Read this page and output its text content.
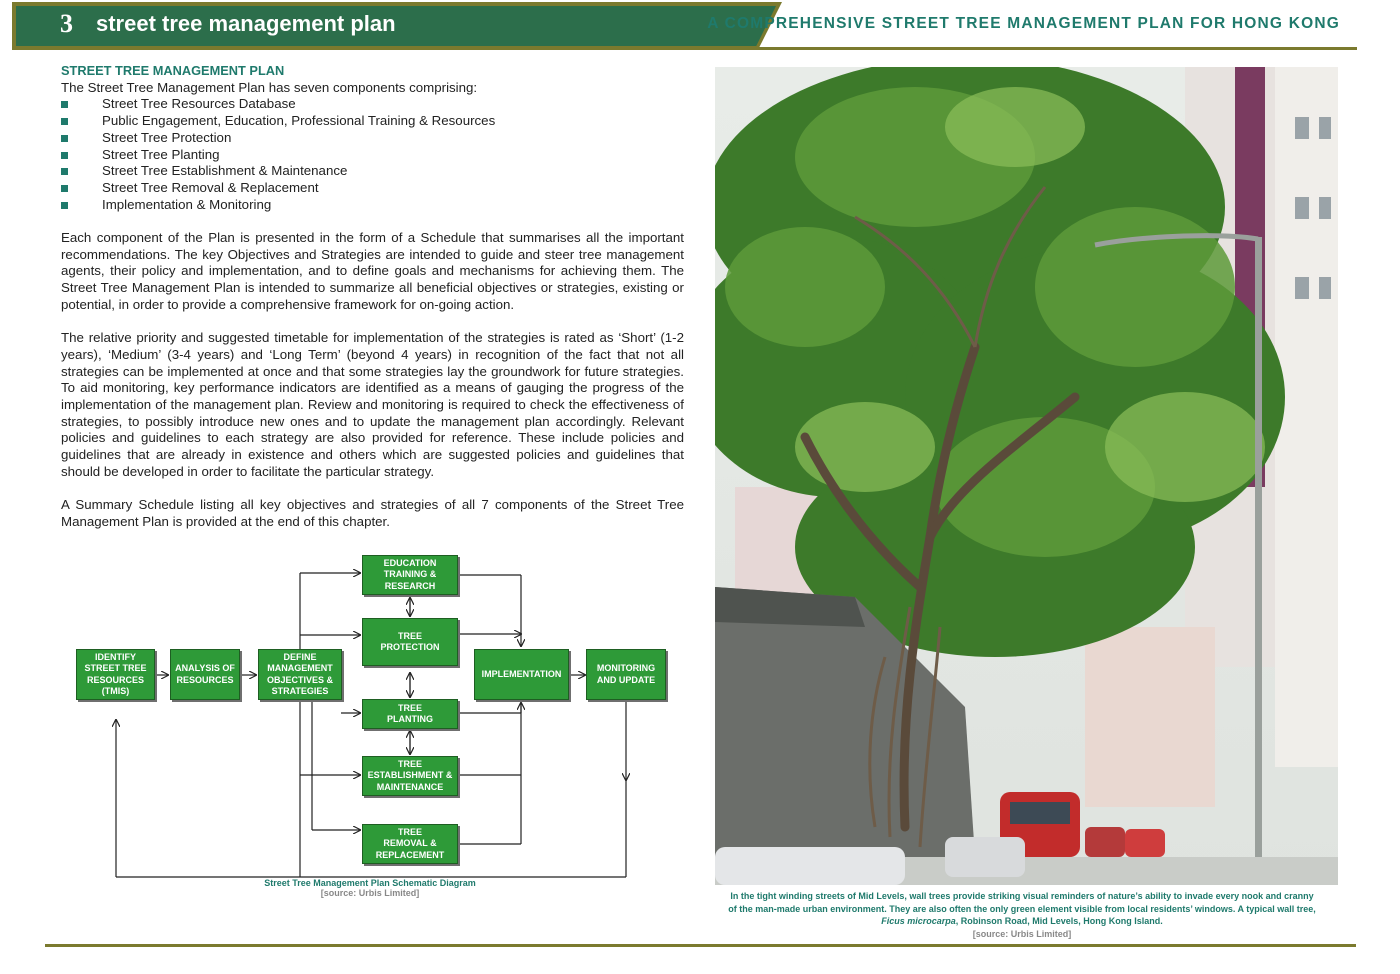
3 street tree management plan	A COMPREHENSIVE STREET TREE MANAGEMENT PLAN FOR HONG KONG
STREET TREE MANAGEMENT PLAN
The Street Tree Management Plan has seven components comprising:
Street Tree Resources Database
Public Engagement, Education, Professional Training & Resources
Street Tree Protection
Street Tree Planting
Street Tree Establishment & Maintenance
Street Tree Removal & Replacement
Implementation & Monitoring

Each component of the Plan is presented in the form of a Schedule that summarises all the important recommendations. The key Objectives and Strategies are intended to guide and steer tree management agents, their policy and implementation, and to define goals and mechanisms for achieving them. The Street Tree Management Plan is intended to summarize all beneficial objectives or strategies, existing or potential, in order to provide a comprehensive framework for on-going action.

The relative priority and suggested timetable for implementation of the strategies is rated as ‘Short’ (1-2 years), ‘Medium’ (3-4 years) and ‘Long Term’ (beyond 4 years) in recognition of the fact that not all strategies can be implemented at once and that some strategies lay the groundwork for future strategies. To aid monitoring, key performance indicators are identified as a means of gauging the progress of the implementation of the management plan. Review and monitoring is required to check the effectiveness of strategies, to possibly introduce new ones and to update the management plan accordingly. Relevant policies and guidelines to each strategy are also provided for reference. These include policies and guidelines that are already in existence and others which are suggested policies and guidelines that should be developed in order to facilitate the particular strategy.

A Summary Schedule listing all key objectives and strategies of all 7 components of the Street Tree Management Plan is provided at the end of this chapter.

IDENTIFY
STREET TREE
RESOURCES
(TMIS)
ANALYSIS OF
RESOURCES
DEFINE
MANAGEMENT
OBJECTIVES &
STRATEGIES
EDUCATION
TRAINING &
RESEARCH
TREE
PROTECTION
TREE
PLANTING
TREE
ESTABLISHMENT &
MAINTENANCE
TREE
REMOVAL &
REPLACEMENT
IMPLEMENTATION
MONITORING
AND UPDATE
Street Tree Management Plan Schematic Diagram
[source: Urbis Limited]	In the tight winding streets of Mid Levels, wall trees provide striking visual reminders of nature’s ability to invade every nook and cranny
of the man-made urban environment. They are also often the only green element visible from local residents’ windows. A typical wall tree,
Ficus microcarpa, Robinson Road, Mid Levels, Hong Kong Island.
[source: Urbis Limited]
